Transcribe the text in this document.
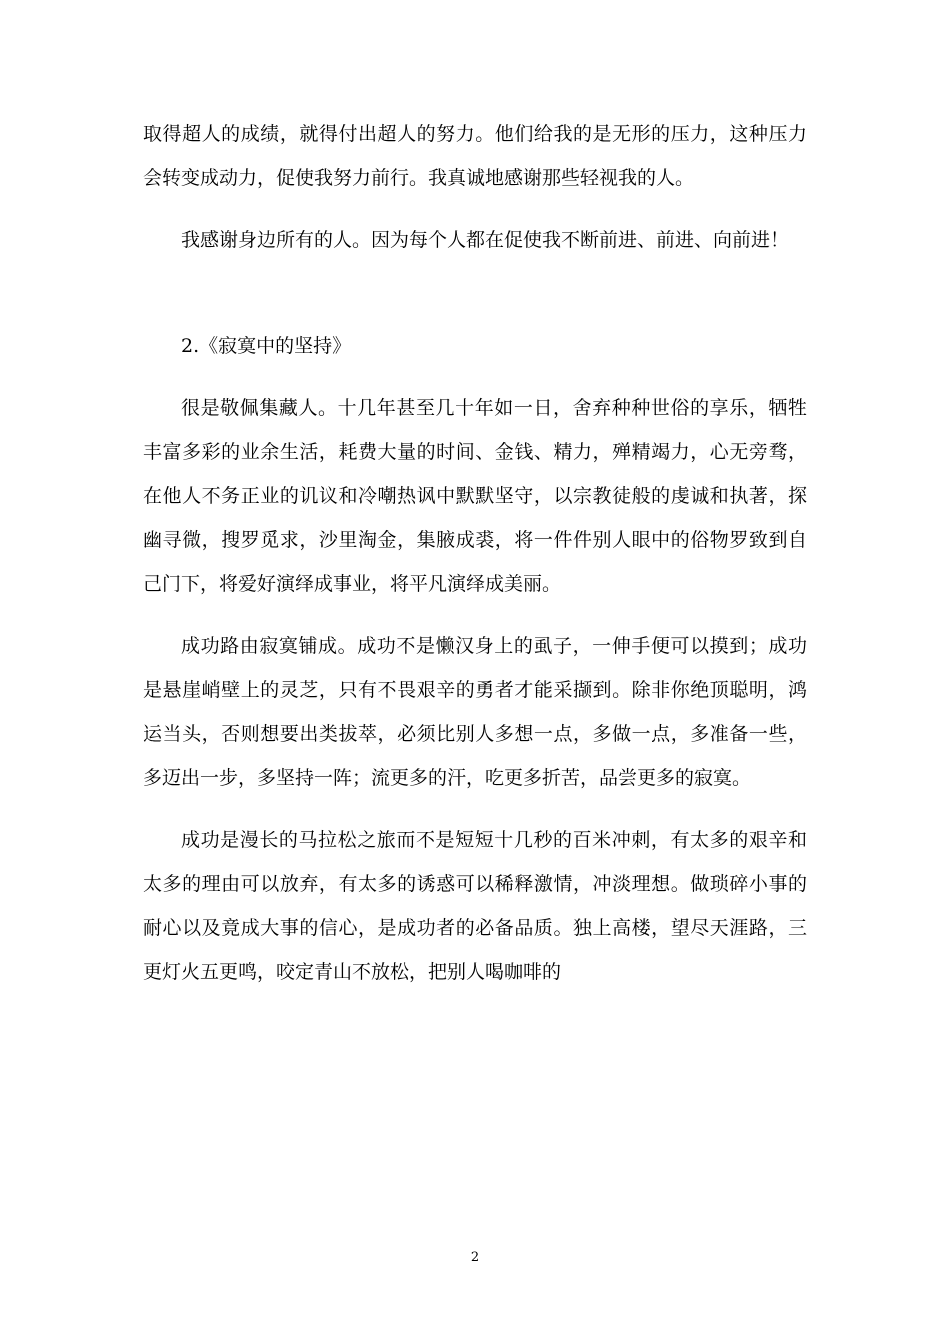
取得超人的成绩，就得付出超人的努力。他们给我的是无形的压力，这种压力会转变成动力，促使我努力前行。我真诚地感谢那些轻视我的人。

我感谢身边所有的人。因为每个人都在促使我不断前进、前进、向前进！

2.《寂寞中的坚持》

很是敬佩集藏人。十几年甚至几十年如一日，舍弃种种世俗的享乐，牺牲丰富多彩的业余生活，耗费大量的时间、金钱、精力，殚精竭力，心无旁骛，在他人不务正业的讥议和冷嘲热讽中默默坚守，以宗教徒般的虔诚和执著，探幽寻微，搜罗觅求，沙里淘金，集腋成裘，将一件件别人眼中的俗物罗致到自己门下，将爱好演绎成事业，将平凡演绎成美丽。

成功路由寂寞铺成。成功不是懒汉身上的虱子，一伸手便可以摸到；成功是悬崖峭壁上的灵芝，只有不畏艰辛的勇者才能采撷到。除非你绝顶聪明，鸿运当头，否则想要出类拔萃，必须比别人多想一点，多做一点，多准备一些，多迈出一步，多坚持一阵；流更多的汗，吃更多折苦，品尝更多的寂寞。

成功是漫长的马拉松之旅而不是短短十几秒的百米冲刺，有太多的艰辛和太多的理由可以放弃，有太多的诱惑可以稀释激情，冲淡理想。做琐碎小事的耐心以及竟成大事的信心，是成功者的必备品质。独上高楼，望尽天涯路，三更灯火五更鸣，咬定青山不放松，把别人喝咖啡的

2
